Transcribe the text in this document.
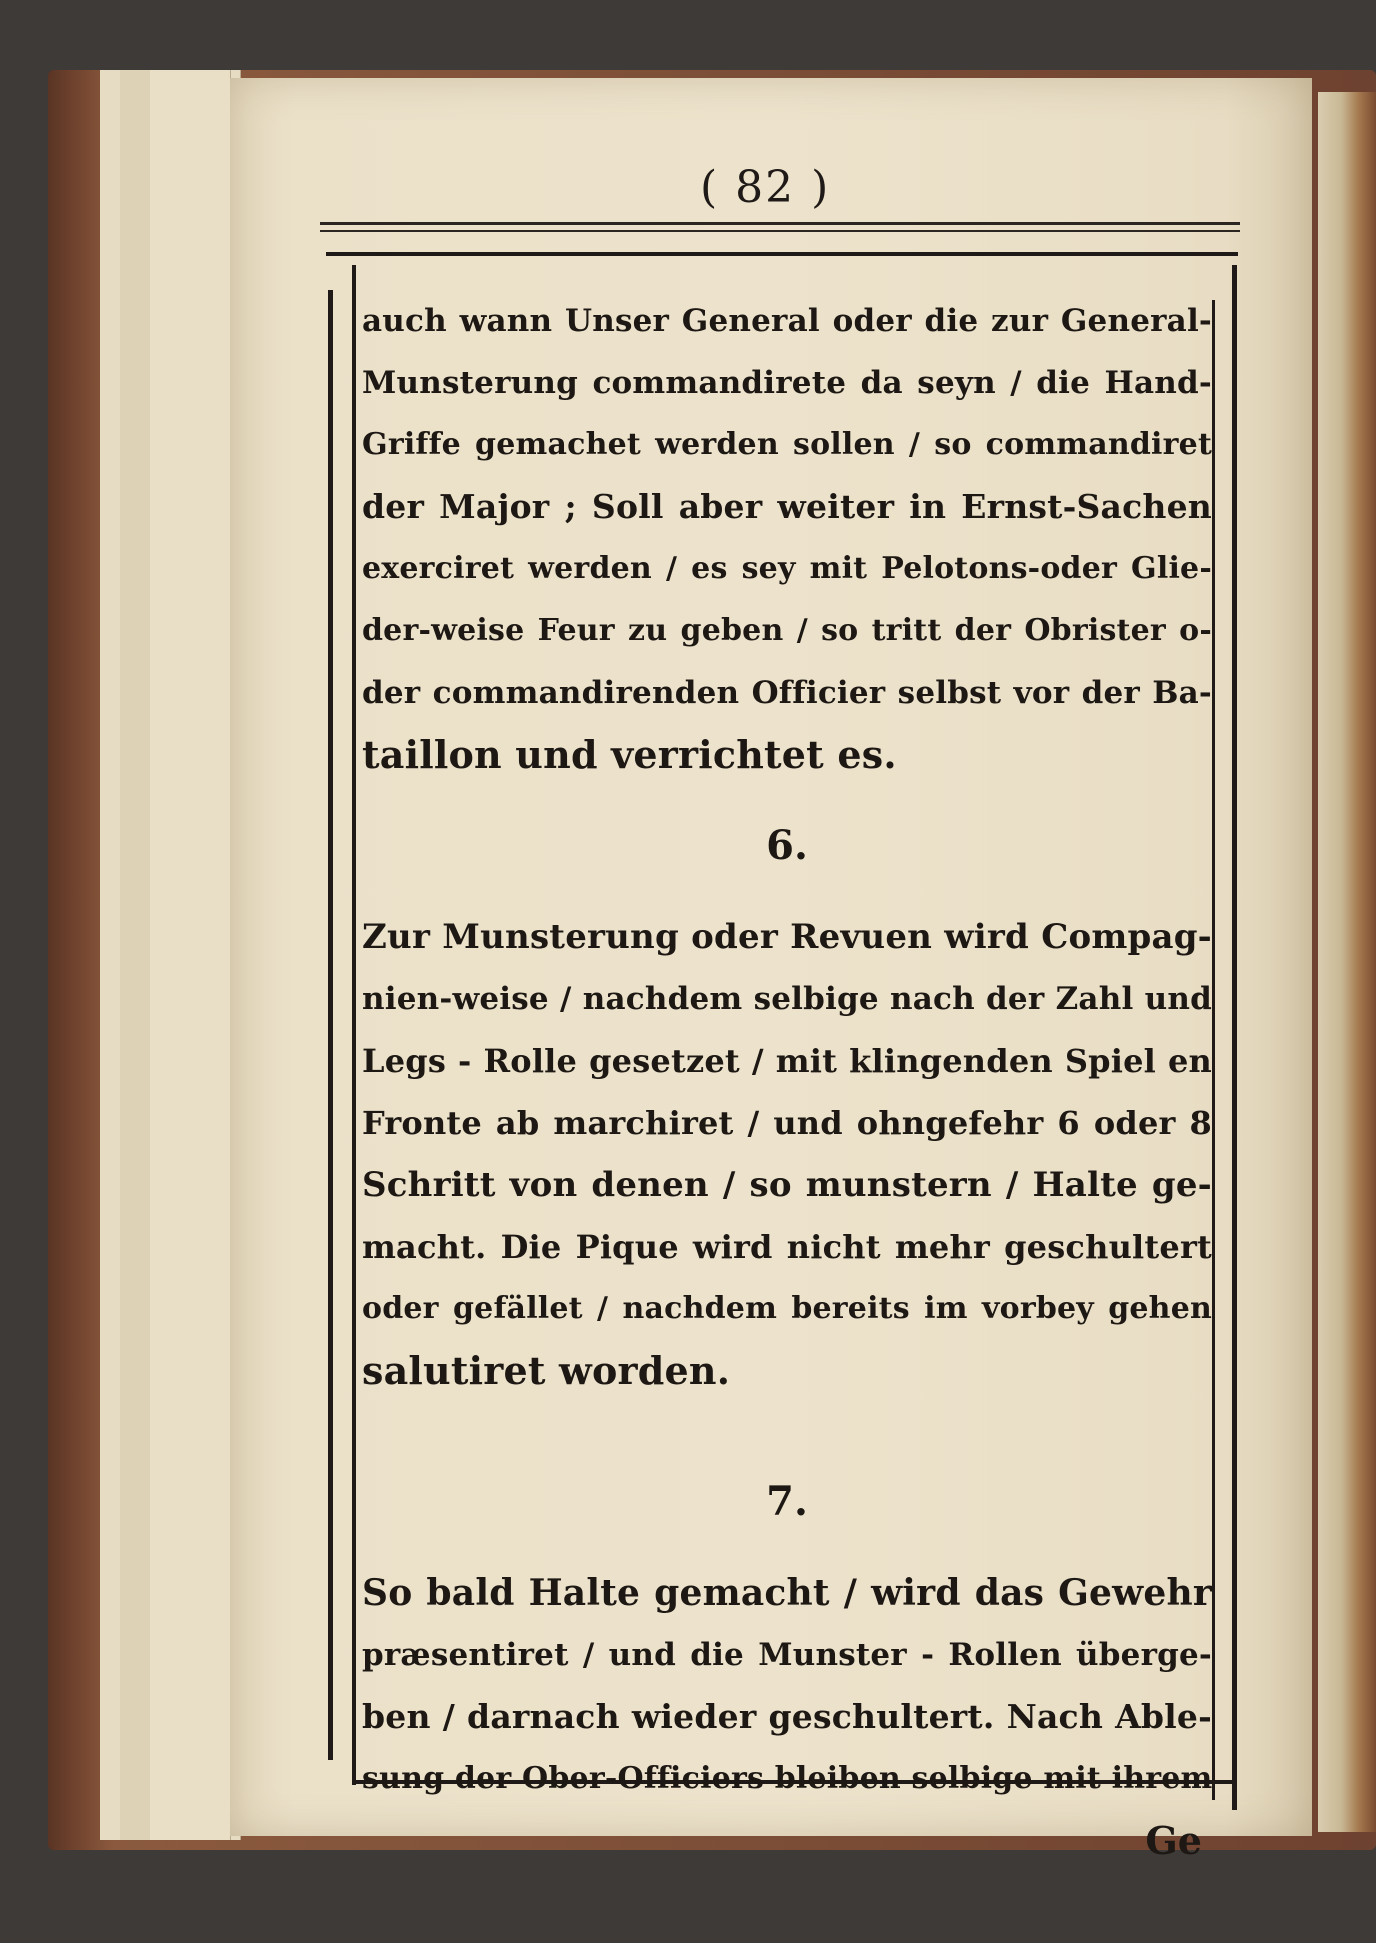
( 82 )
auch wann Unser General oder die zur General-
Munsterung commandirete da seyn / die Hand-
Griffe gemachet werden sollen / so commandiret
der Major ; Soll aber weiter in Ernst-Sachen
exerciret werden / es sey mit Pelotons-oder Glie-
der-weise Feur zu geben / so tritt der Obrister o-
der commandirenden Officier selbst vor der Ba-
taillon und verrichtet es.
6.
Zur Munsterung oder Revuen wird Compag-
nien-weise / nachdem selbige nach der Zahl und
Legs - Rolle gesetzet / mit klingenden Spiel en
Fronte ab marchiret / und ohngefehr 6 oder 8
Schritt von denen / so munstern / Halte ge-
macht. Die Pique wird nicht mehr geschultert
oder gefället / nachdem bereits im vorbey gehen
salutiret worden.
7.
So bald Halte gemacht / wird das Gewehr
præsentiret / und die Munster - Rollen überge-
ben / darnach wieder geschultert. Nach Able-
sung der Ober-Officiers bleiben selbige mit ihrem
Ge
